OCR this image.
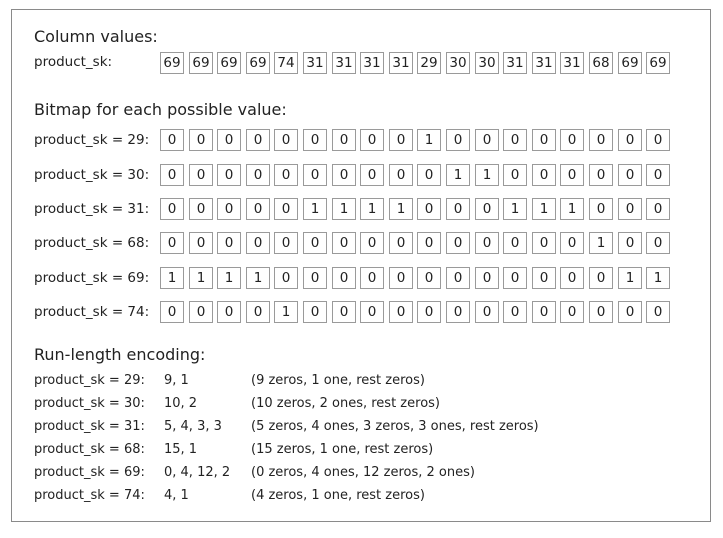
Column values:
product_sk:	69 69 69 69 74 31 31 31 31 29 30 30 31 31 31 68 69 69
Bitmap for each possible value:
product_sk = 29:	0	0	0	0	0	0	0	0	0	1	0	0	0	0	0	0	0	0
product_sk = 30:	0	0	0	0	0	0	0	0	0	0	1	1	0	0	0	0	0	0
product_sk = 31:	0	0	0	0	0	1	1	1	1	0	0	0	1	1	1	0	0	0
product_sk = 68:	0	0	0	0	0	0	0	0	0	0	0	0	0	0	0	1	0	0
product_sk = 69:	1	1	1	1	0	0	0	0	0	0	0	0	0	0	0	0	1	1
product_sk = 74:	0	0	0	0	1	0	0	0	0	0	0	0	0	0	0	0	0	0
Run-length encoding:
product_sk = 29: 9, 1	(9 zeros, 1 one, rest zeros)
product_sk = 30: 10, 2	(10 zeros, 2 ones, rest zeros)
product_sk = 31: 5, 4, 3, 3 (5 zeros, 4 ones, 3 zeros, 3 ones, rest zeros)
product_sk = 68: 15, 1	(15 zeros, 1 one, rest zeros)
product_sk = 69: 0, 4, 12, 2 (0 zeros, 4 ones, 12 zeros, 2 ones)
product_sk = 74: 4, 1	(4 zeros, 1 one, rest zeros)
